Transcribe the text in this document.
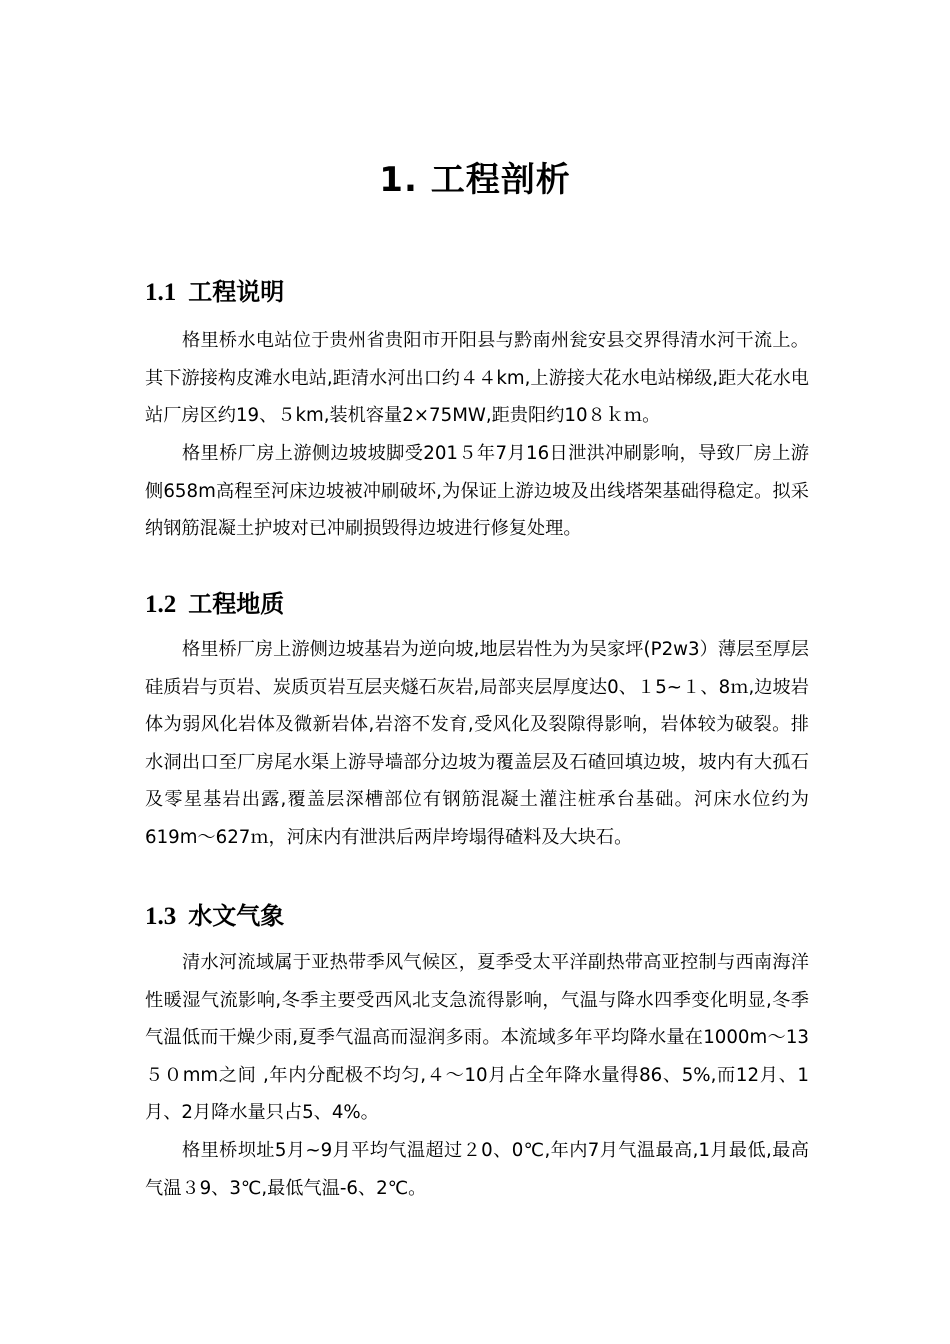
1. 工程剖析
1.1 工程说明

格里桥水电站位于贵州省贵阳市开阳县与黔南州瓮安县交界得清水河干流上。其下游接构皮滩水电站,距清水河出口约４４km,上游接大花水电站梯级,距大花水电站厂房区约19、５km,装机容量2×75MW,距贵阳约10８ｋｍ。

格里桥厂房上游侧边坡坡脚受201５年7月16日泄洪冲刷影响，导致厂房上游侧658m高程至河床边坡被冲刷破坏,为保证上游边坡及出线塔架基础得稳定。拟采纳钢筋混凝土护坡对已冲刷损毁得边坡进行修复处理。

1.2 工程地质

格里桥厂房上游侧边坡基岩为逆向坡,地层岩性为为吴家坪(P2w3）薄层至厚层硅质岩与页岩、炭质页岩互层夹燧石灰岩,局部夹层厚度达0、１5~１、8ｍ,边坡岩体为弱风化岩体及微新岩体,岩溶不发育,受风化及裂隙得影响，岩体较为破裂。排水洞出口至厂房尾水渠上游导墙部分边坡为覆盖层及石碴回填边坡，坡内有大孤石及零星基岩出露,覆盖层深槽部位有钢筋混凝土灌注桩承台基础。河床水位约为619m～627ｍ，河床内有泄洪后两岸垮塌得碴料及大块石。

1.3 水文气象

清水河流域属于亚热带季风气候区，夏季受太平洋副热带高亚控制与西南海洋性暖湿气流影响,冬季主要受西风北支急流得影响，气温与降水四季变化明显,冬季气温低而干燥少雨,夏季气温高而湿润多雨。本流域多年平均降水量在1000m～13５０mm之间 ,年内分配极不均匀,４～10月占全年降水量得86、5%,而12月、1月、2月降水量只占5、4%。

格里桥坝址5月~9月平均气温超过２0、0℃,年内7月气温最高,1月最低,最高气温３9、3℃,最低气温-6、2℃。
